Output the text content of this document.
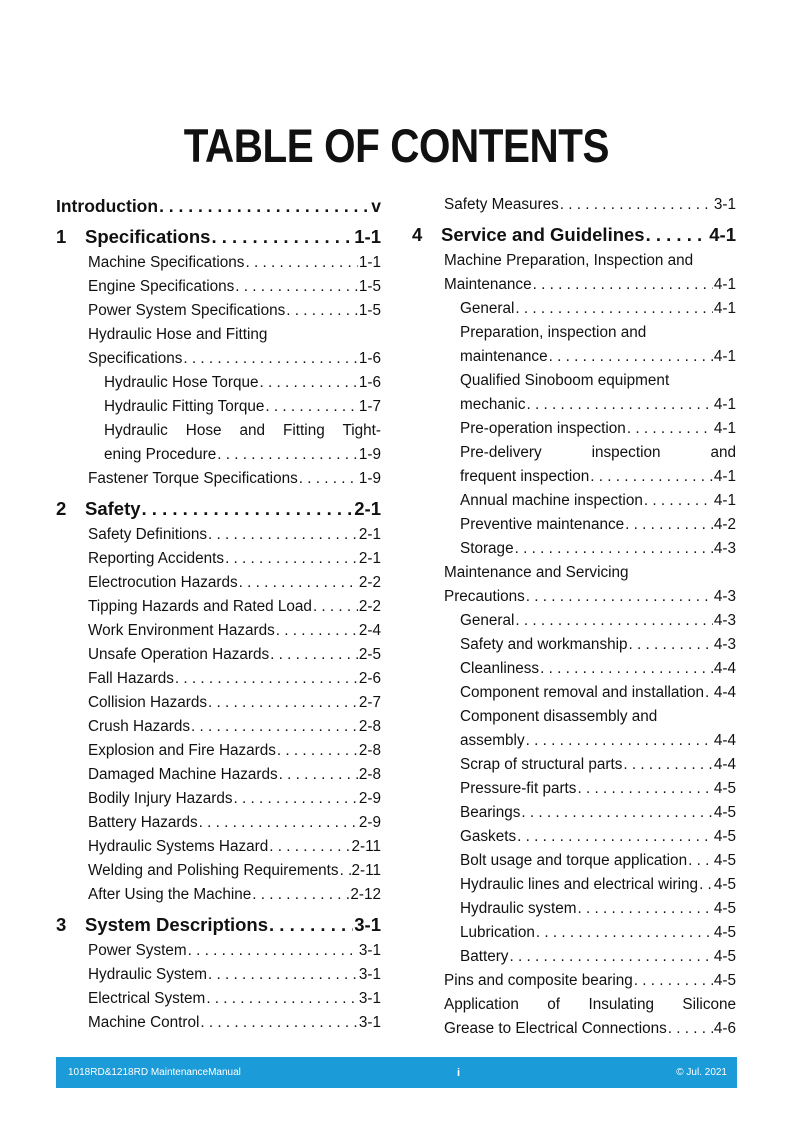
TABLE OF CONTENTS
Introduction . . .	v
1	Specifications . . .	1-1
Machine Specifications . . .	1-1
Engine Specifications . . .	1-5
Power System Specifications . . .	1-5
Hydraulic Hose and Fitting
Specifications . . .	1-6
Hydraulic Hose Torque . . .	1-6
Hydraulic Fitting Torque . . .	1-7
Hydraulic Hose and Fitting Tight-
ening Procedure . . .	1-9
Fastener Torque Specifications . . .	1-9
2	Safety . . .	2-1
Safety Definitions . . .	2-1
Reporting Accidents . . .	2-1
Electrocution Hazards . . .	2-2
Tipping Hazards and Rated Load . . .	2-2
Work Environment Hazards . . .	2-4
Unsafe Operation Hazards . . .	2-5
Fall Hazards . . .	2-6
Collision Hazards . . .	2-7
Crush Hazards . . .	2-8
Explosion and Fire Hazards . . .	2-8
Damaged Machine Hazards . . .	2-8
Bodily Injury Hazards . . .	2-9
Battery Hazards . . .	2-9
Hydraulic Systems Hazard . . .	2-11
Welding and Polishing Requirements . . . 2-11
After Using the Machine . . .	2-12
3	System Descriptions . . .	3-1
Power System . . .	3-1
Hydraulic System . . .	3-1
Electrical System . . .	3-1
Machine Control . . .	3-1
Safety Measures . . .	3-1
4	Service and Guidelines . . .	4-1
Machine Preparation, Inspection and
Maintenance . . .	4-1
General . . .	4-1
Preparation, inspection and
maintenance . . .	4-1
Qualified Sinoboom equipment
mechanic . . .	4-1
Pre-operation inspection . . .	4-1
Pre-delivery inspection and
frequent inspection . . .	4-1
Annual machine inspection . . .	4-1
Preventive maintenance . . .	4-2
Storage . . .	4-3
Maintenance and Servicing
Precautions . . .	4-3
General . . .	4-3
Safety and workmanship . . .	4-3
Cleanliness . . .	4-4
Component removal and installation . . . 4-4
Component disassembly and
assembly . . .	4-4
Scrap of structural parts . . .	4-4
Pressure-fit parts . . .	4-5
Bearings . . .	4-5
Gaskets . . .	4-5
Bolt usage and torque application . . . 4-5
Hydraulic lines and electrical wiring . . . 4-5
Hydraulic system . . .	4-5
Lubrication . . .	4-5
Battery . . .	4-5
Pins and composite bearing . . .	4-5
Application of Insulating Silicone
Grease to Electrical Connections . . .	4-6
1018RD&1218RD MaintenanceManual	i	© Jul. 2021
